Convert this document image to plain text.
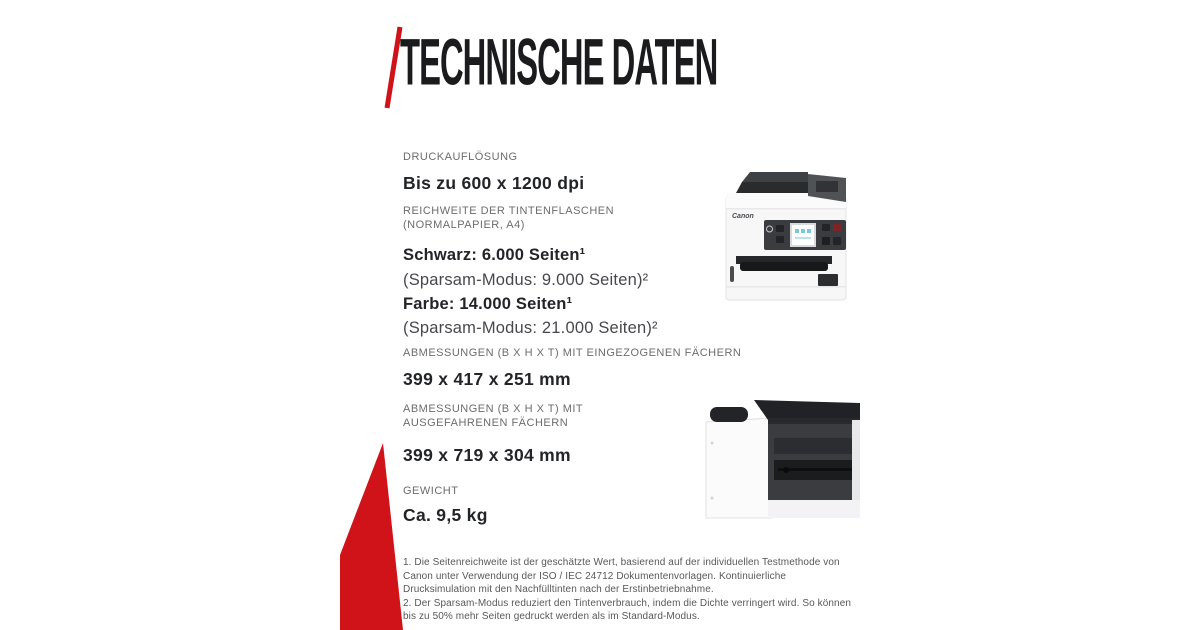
TECHNISCHE DATEN
DRUCKAUFLÖSUNG
Bis zu 600 x 1200 dpi
REICHWEITE DER TINTENFLASCHEN
(NORMALPAPIER, A4)
Schwarz: 6.000 Seiten¹
(Sparsam-Modus: 9.000 Seiten)²
Farbe: 14.000 Seiten¹
(Sparsam-Modus: 21.000 Seiten)²
ABMESSUNGEN (B X H X T) MIT EINGEZOGENEN FÄCHERN
399 x 417 x 251 mm
ABMESSUNGEN (B X H X T) MIT AUSGEFAHRENEN FÄCHERN
399 x 719 x 304 mm
GEWICHT
Ca. 9,5 kg

1. Die Seitenreichweite ist der geschätzte Wert, basierend auf der individuellen Testmethode von Canon unter Verwendung der ISO / IEC 24712 Dokumentenvorlagen. Kontinuierliche Drucksimulation mit den Nachfülltinten nach der Erstinbetriebnahme.

2. Der Sparsam-Modus reduziert den Tintenverbrauch, indem die Dichte verringert wird. So können bis zu 50% mehr Seiten gedruckt werden als im Standard-Modus.

Canon
